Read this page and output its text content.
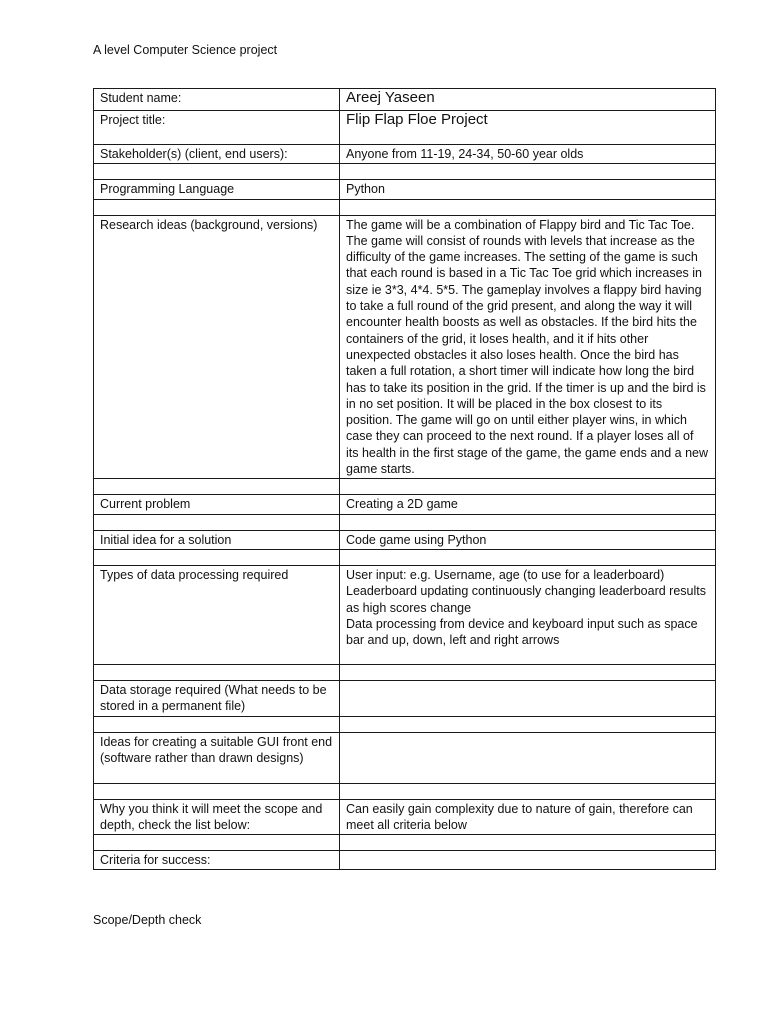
A level Computer Science project
Student name:	Areej Yaseen
Project title:	Flip Flap Floe Project
Stakeholder(s) (client, end users):	Anyone from 11-19, 24-34, 50-60 year olds

Programming Language	Python

Research ideas (background, versions)	The game will be a combination of Flappy bird and Tic Tac Toe. The game will consist of rounds with levels that increase as the difficulty of the game increases. The setting of the game is such that each round is based in a Tic Tac Toe grid which increases in size ie 3*3, 4*4. 5*5. The gameplay involves a flappy bird having to take a full round of the grid present, and along the way it will encounter health boosts as well as obstacles. If the bird hits the containers of the grid, it loses health, and it if hits other unexpected obstacles it also loses health. Once the bird has taken a full rotation, a short timer will indicate how long the bird has to take its position in the grid. If the timer is up and the bird is in no set position. It will be placed in the box closest to its position. The game will go on until either player wins, in which case they can proceed to the next round. If a player loses all of its health in the first stage of the game, the game ends and a new game starts.

Current problem	Creating a 2D game

Initial idea for a solution	Code game using Python

Types of data processing required	User input: e.g. Username, age (to use for a leaderboard)
Leaderboard updating continuously changing leaderboard results as high scores change
Data processing from device and keyboard input such as space bar and up, down, left and right arrows

Data storage required (What needs to be stored in a permanent file)	

Ideas for creating a suitable GUI front end (software rather than drawn designs)	

Why you think it will meet the scope and depth, check the list below:	Can easily gain complexity due to nature of gain, therefore can meet all criteria below

Criteria for success:	
Scope/Depth check
